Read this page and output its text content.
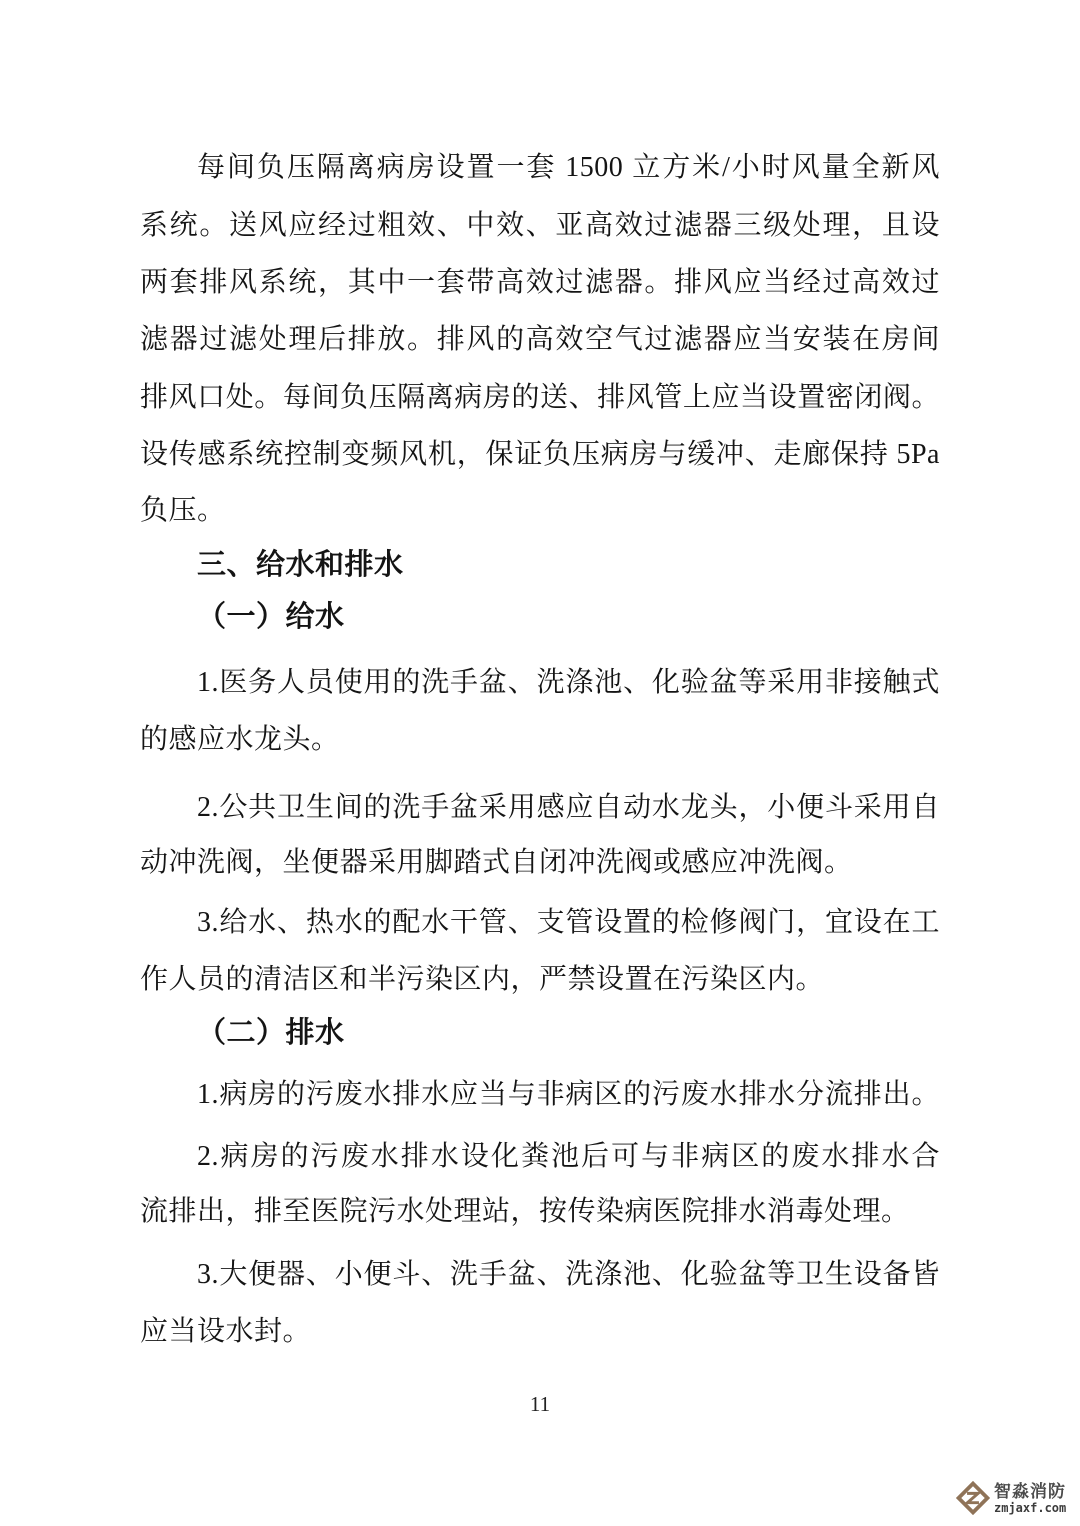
每间负压隔离病房设置一套 1500 立方米/小时风量全新风
系统。送风应经过粗效、中效、亚高效过滤器三级处理，且设
两套排风系统，其中一套带高效过滤器。排风应当经过高效过
滤器过滤处理后排放。排风的高效空气过滤器应当安装在房间
排风口处。每间负压隔离病房的送、排风管上应当设置密闭阀。
设传感系统控制变频风机，保证负压病房与缓冲、走廊保持 5Pa
负压。
三、给水和排水
（一）给水
1.医务人员使用的洗手盆、洗涤池、化验盆等采用非接触式
的感应水龙头。
2.公共卫生间的洗手盆采用感应自动水龙头，小便斗采用自
动冲洗阀，坐便器采用脚踏式自闭冲洗阀或感应冲洗阀。
3.给水、热水的配水干管、支管设置的检修阀门，宜设在工
作人员的清洁区和半污染区内，严禁设置在污染区内。
（二）排水
1.病房的污废水排水应当与非病区的污废水排水分流排出。
2.病房的污废水排水设化粪池后可与非病区的废水排水合
流排出，排至医院污水处理站，按传染病医院排水消毒处理。
3.大便器、小便斗、洗手盆、洗涤池、化验盆等卫生设备皆
应当设水封。
11
智淼消防
zmjaxf.com
